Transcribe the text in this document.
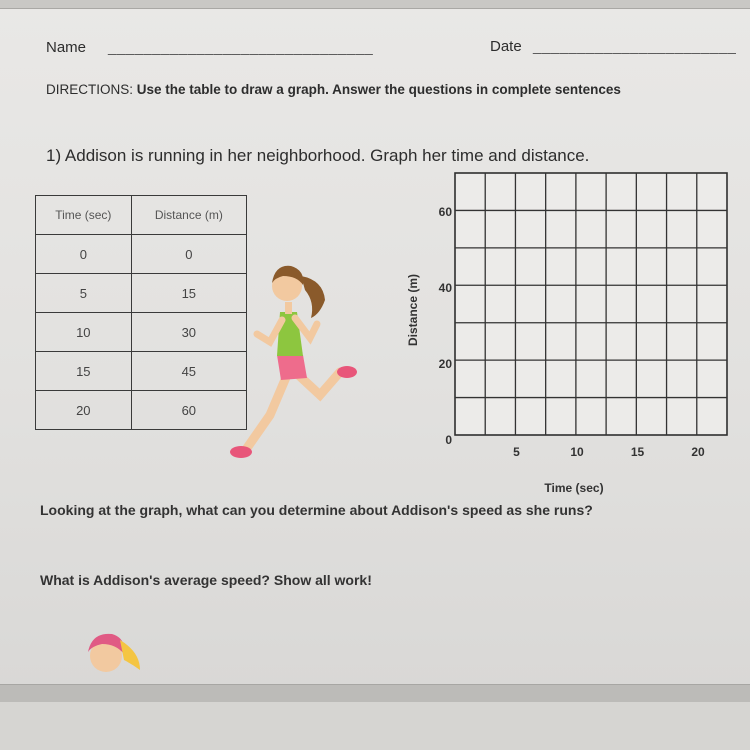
Name ______________________________	Date _______________________
DIRECTIONS: Use the table to draw a graph. Answer the questions in complete sentences
1) Addison is running in her neighborhood. Graph her time and distance.
Time (sec)	Distance (m)
0	0
5	15
10	30
15	45
20	60
0
20
40
60
5	10	15	20
Distance (m)
Time (sec)
Looking at the graph, what can you determine about Addison's speed as she runs?
What is Addison's average speed? Show all work!
